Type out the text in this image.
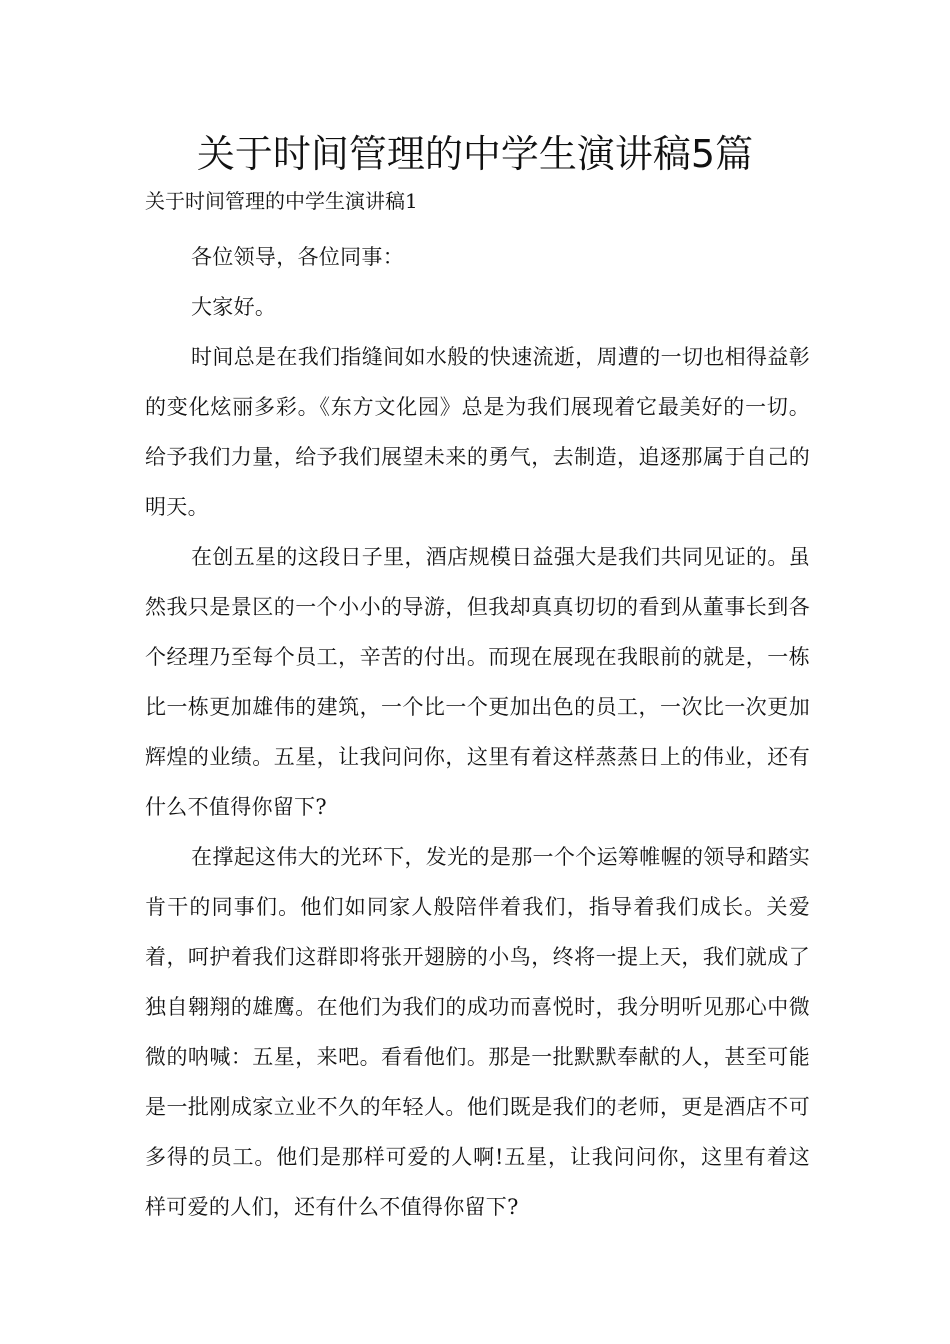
关于时间管理的中学生演讲稿5篇

关于时间管理的中学生演讲稿1

各位领导，各位同事：

大家好。

时间总是在我们指缝间如水般的快速流逝，周遭的一切也相得益彰的变化炫丽多彩。《东方文化园》总是为我们展现着它最美好的一切。给予我们力量，给予我们展望未来的勇气，去制造，追逐那属于自己的明天。

在创五星的这段日子里，酒店规模日益强大是我们共同见证的。虽然我只是景区的一个小小的导游，但我却真真切切的看到从董事长到各个经理乃至每个员工，辛苦的付出。而现在展现在我眼前的就是，一栋比一栋更加雄伟的建筑，一个比一个更加出色的员工，一次比一次更加辉煌的业绩。五星，让我问问你，这里有着这样蒸蒸日上的伟业，还有什么不值得你留下?

在撑起这伟大的光环下，发光的是那一个个运筹帷幄的领导和踏实肯干的同事们。他们如同家人般陪伴着我们，指导着我们成长。关爱着，呵护着我们这群即将张开翅膀的小鸟，终将一提上天，我们就成了独自翱翔的雄鹰。在他们为我们的成功而喜悦时，我分明听见那心中微微的呐喊：五星，来吧。看看他们。那是一批默默奉献的人，甚至可能是一批刚成家立业不久的年轻人。他们既是我们的老师，更是酒店不可多得的员工。他们是那样可爱的人啊!五星，让我问问你，这里有着这样可爱的人们，还有什么不值得你留下?
